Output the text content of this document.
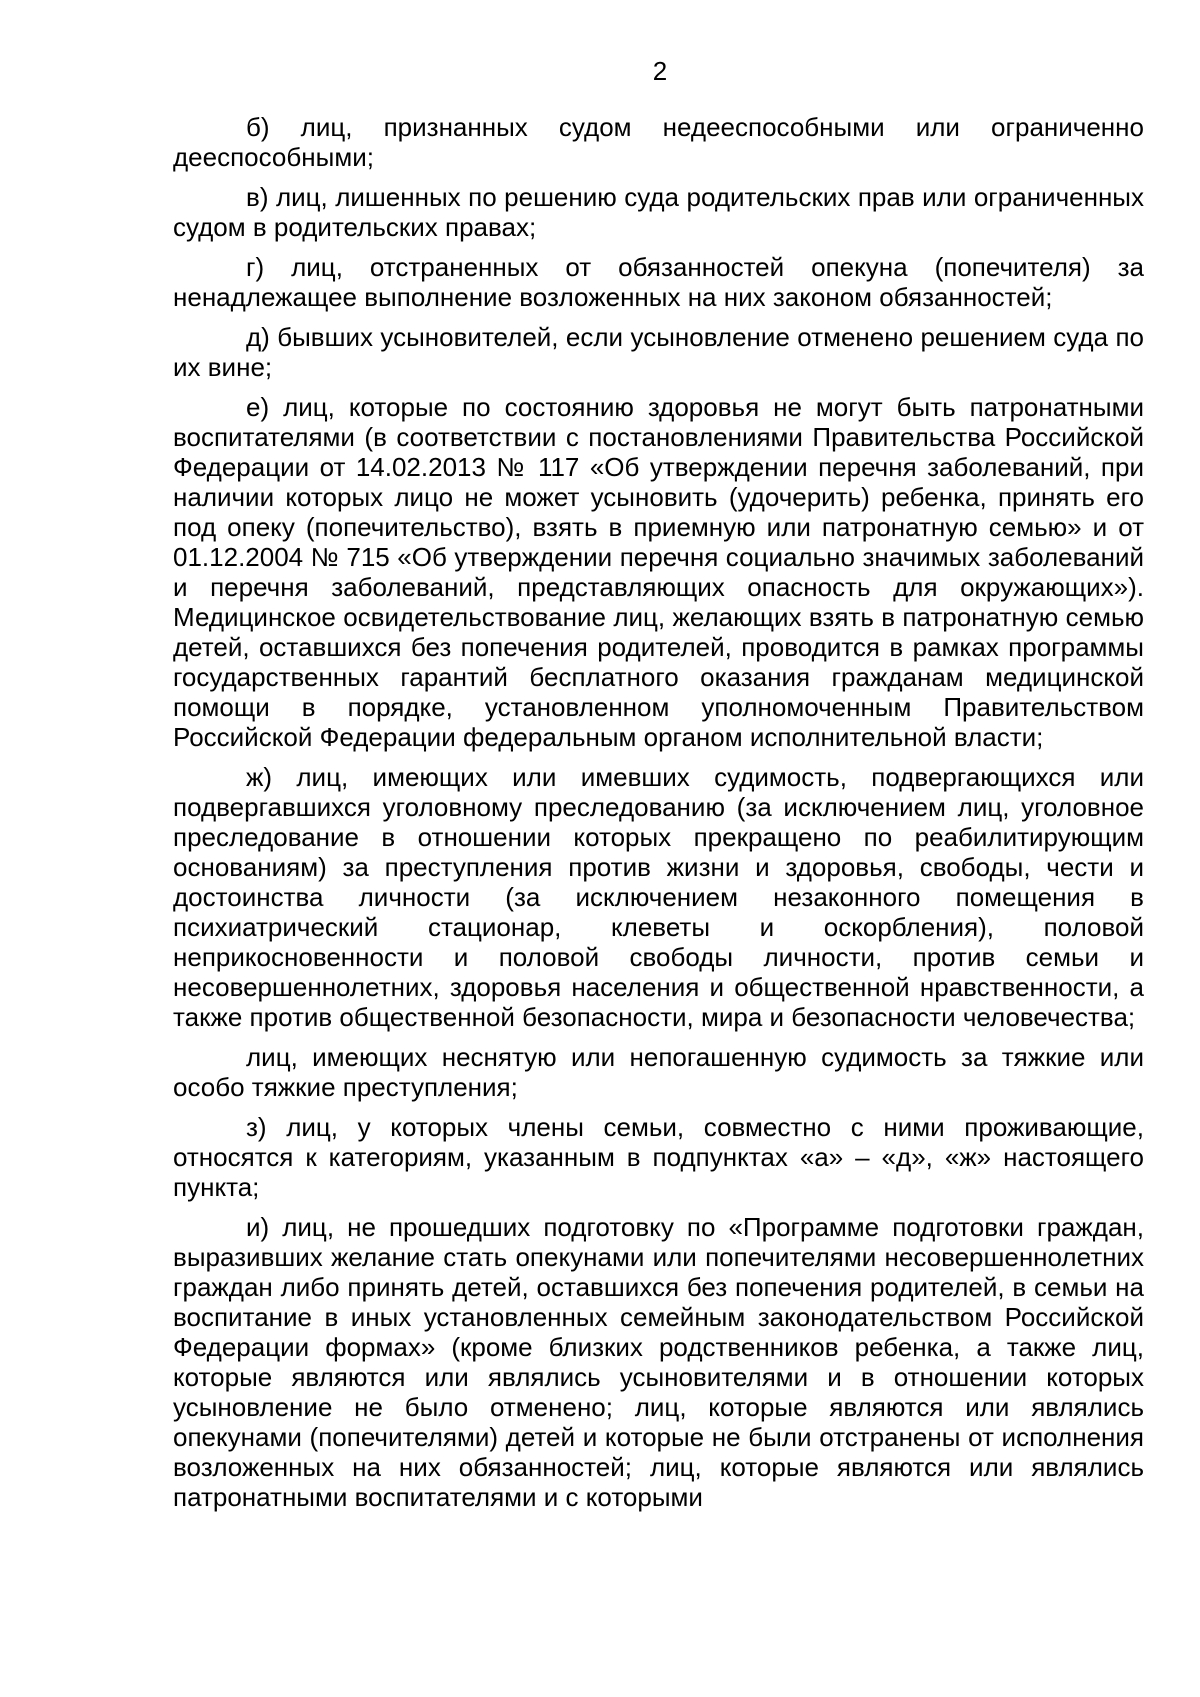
2

б) лиц, признанных судом недееспособными или ограниченно дееспособными;

в) лиц, лишенных по решению суда родительских прав или ограниченных судом в родительских правах;

г) лиц, отстраненных от обязанностей опекуна (попечителя) за ненадлежащее выполнение возложенных на них законом обязанностей;

д) бывших усыновителей, если усыновление отменено решением суда по их вине;

е) лиц, которые по состоянию здоровья не могут быть патронатными воспитателями (в соответствии с постановлениями Правительства Российской Федерации от 14.02.2013 № 117 «Об утверждении перечня заболеваний, при наличии которых лицо не может усыновить (удочерить) ребенка, принять его под опеку (попечительство), взять в приемную или патронатную семью» и от 01.12.2004 № 715 «Об утверждении перечня социально значимых заболеваний и перечня заболеваний, представляющих опасность для окружающих»). Медицинское освидетельствование лиц, желающих взять в патронатную семью детей, оставшихся без попечения родителей, проводится в рамках программы государственных гарантий бесплатного оказания гражданам медицинской помощи в порядке, установленном уполномоченным Правительством Российской Федерации федеральным органом исполнительной власти;

ж) лиц, имеющих или имевших судимость, подвергающихся или подвергавшихся уголовному преследованию (за исключением лиц, уголовное преследование в отношении которых прекращено по реабилитирующим основаниям) за преступления против жизни и здоровья, свободы, чести и достоинства личности (за исключением незаконного помещения в психиатрический стационар, клеветы и оскорбления), половой неприкосновенности и половой свободы личности, против семьи и несовершеннолетних, здоровья населения и общественной нравственности, а также против общественной безопасности, мира и безопасности человечества;

лиц, имеющих неснятую или непогашенную судимость за тяжкие или особо тяжкие преступления;

з) лиц, у которых члены семьи, совместно с ними проживающие, относятся к категориям, указанным в подпунктах «а» – «д», «ж» настоящего пункта;

и) лиц, не прошедших подготовку по «Программе подготовки граждан, выразивших желание стать опекунами или попечителями несовершеннолетних граждан либо принять детей, оставшихся без попечения родителей, в семьи на воспитание в иных установленных семейным законодательством Российской Федерации формах» (кроме близких родственников ребенка, а также лиц, которые являются или являлись усыновителями и в отношении которых усыновление не было отменено; лиц, которые являются или являлись опекунами (попечителями) детей и которые не были отстранены от исполнения возложенных на них обязанностей; лиц, которые являются или являлись патронатными воспитателями и с которыми
